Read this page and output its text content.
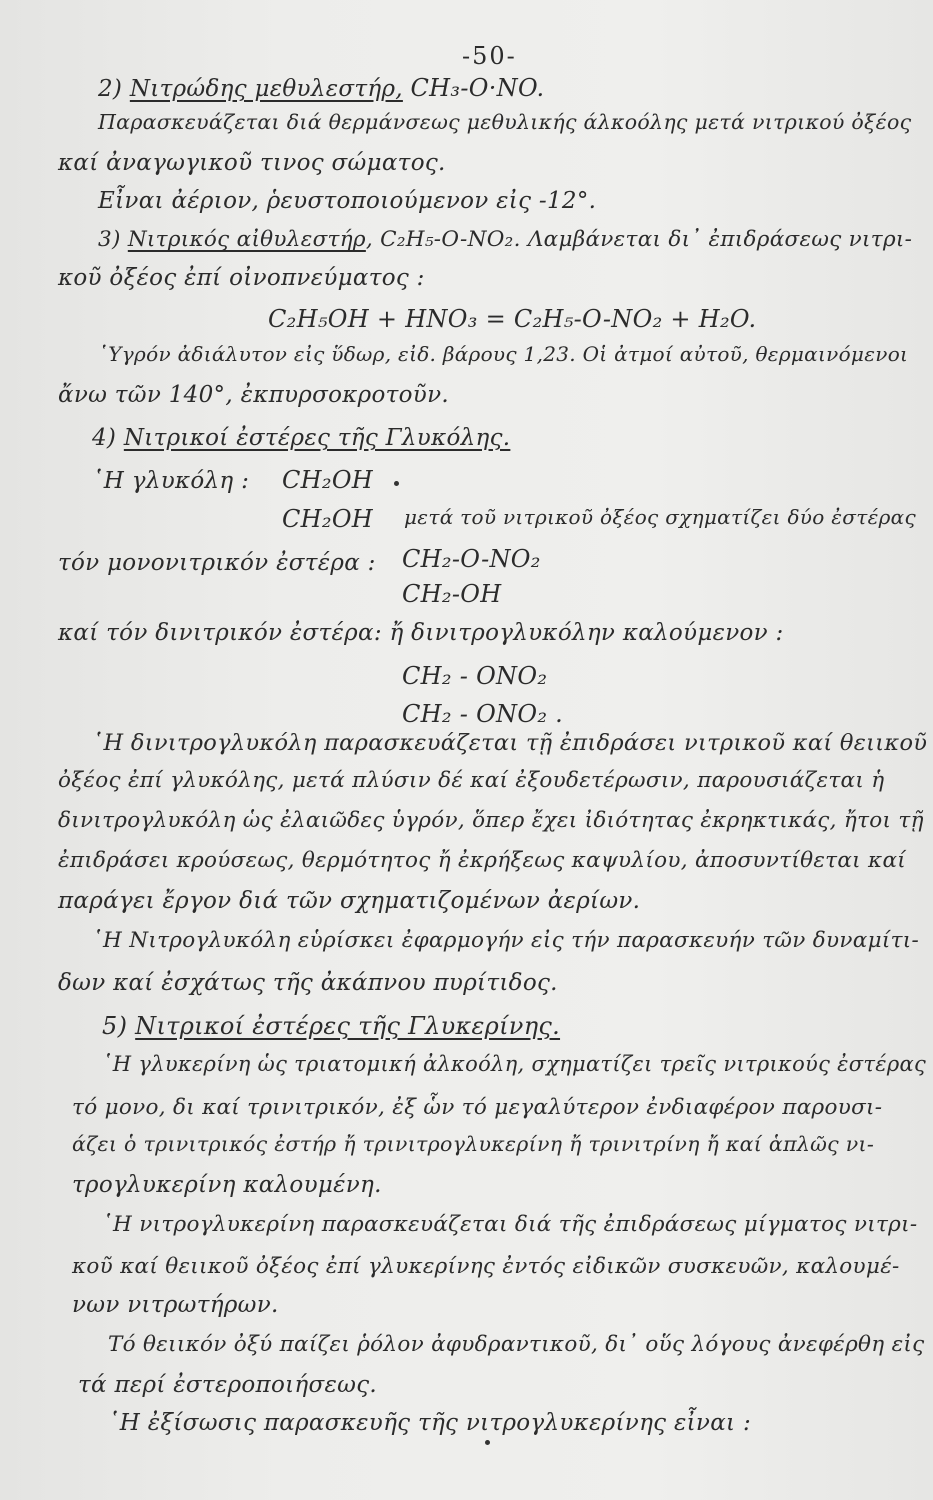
-50-
2) Νιτρώδης μεθυλεστήρ, CH₃-O·NO.
Παρασκευάζεται διά θερμάνσεως μεθυλικής άλκοόλης μετά νιτρικού ὀξέος
καί ἀναγωγικοῦ τινος σώματος.
Εἶναι ἀέριον, ῥευστοποιούμενον εἰς -12°.
3) Νιτρικός αἰθυλεστήρ, C₂H₅-O-NO₂. Λαμβάνεται δι᾽ ἐπιδράσεως νιτρι-
κοῦ ὀξέος ἐπί οἰνοπνεύματος :
C₂H₅OH + HNO₃ = C₂H₅-O-NO₂ + H₂O.
῾Υγρόν ἀδιάλυτον εἰς ὕδωρ, εἰδ. βάρους 1,23. Οἱ ἀτμοί αὐτοῦ, θερμαινόμενοι
ἄνω τῶν 140°, ἐκπυρσοκροτοῦν.
4) Νιτρικοί ἐστέρες τῆς Γλυκόλης.
῾Η γλυκόλη : CH₂OH
CH₂OH μετά τοῦ νιτρικοῦ ὀξέος σχηματίζει δύο ἐστέρας
τόν μονονιτρικόν ἐστέρα : CH₂-O-NO₂
CH₂-OH
καί τόν δινιτρικόν ἐστέρα: ἤ δινιτρογλυκόλην καλούμενον :
CH₂ - ONO₂
CH₂ - ONO₂ .
῾Η δινιτρογλυκόλη παρασκευάζεται τῇ ἐπιδράσει νιτρικοῦ καί θειικοῦ
ὀξέος ἐπί γλυκόλης, μετά πλύσιν δέ καί ἐξουδετέρωσιν, παρουσιάζεται ἡ
δινιτρογλυκόλη ὡς ἐλαιῶδες ὑγρόν, ὅπερ ἔχει ἰδιότητας ἐκρηκτικάς, ἤτοι τῇ
ἐπιδράσει κρούσεως, θερμότητος ἤ ἐκρήξεως καψυλίου, ἀποσυντίθεται καί
παράγει ἔργον διά τῶν σχηματιζομένων ἀερίων.
῾Η Νιτρογλυκόλη εὑρίσκει ἐφαρμογήν εἰς τήν παρασκευήν τῶν δυναμίτι-
δων καί ἐσχάτως τῆς ἀκάπνου πυρίτιδος.
5) Νιτρικοί ἐστέρες τῆς Γλυκερίνης.
῾Η γλυκερίνη ὡς τριατομική ἀλκοόλη, σχηματίζει τρεῖς νιτρικούς ἐστέρας
τό μονο, δι καί τρινιτρικόν, ἐξ ὧν τό μεγαλύτερον ἐνδιαφέρον παρουσι-
άζει ὁ τρινιτρικός ἐστήρ ἤ τρινιτρογλυκερίνη ἤ τρινιτρίνη ἤ καί ἁπλῶς νι-
τρογλυκερίνη καλουμένη.
῾Η νιτρογλυκερίνη παρασκευάζεται διά τῆς ἐπιδράσεως μίγματος νιτρι-
κοῦ καί θειικοῦ ὀξέος ἐπί γλυκερίνης ἐντός εἰδικῶν συσκευῶν, καλουμέ-
νων νιτρωτήρων.
Τό θειικόν ὀξύ παίζει ῥόλον ἀφυδραντικοῦ, δι᾽ οὕς λόγους ἀνεφέρθη εἰς
τά περί ἐστεροποιήσεως.
῾Η ἐξίσωσις παρασκευῆς τῆς νιτρογλυκερίνης εἶναι :
